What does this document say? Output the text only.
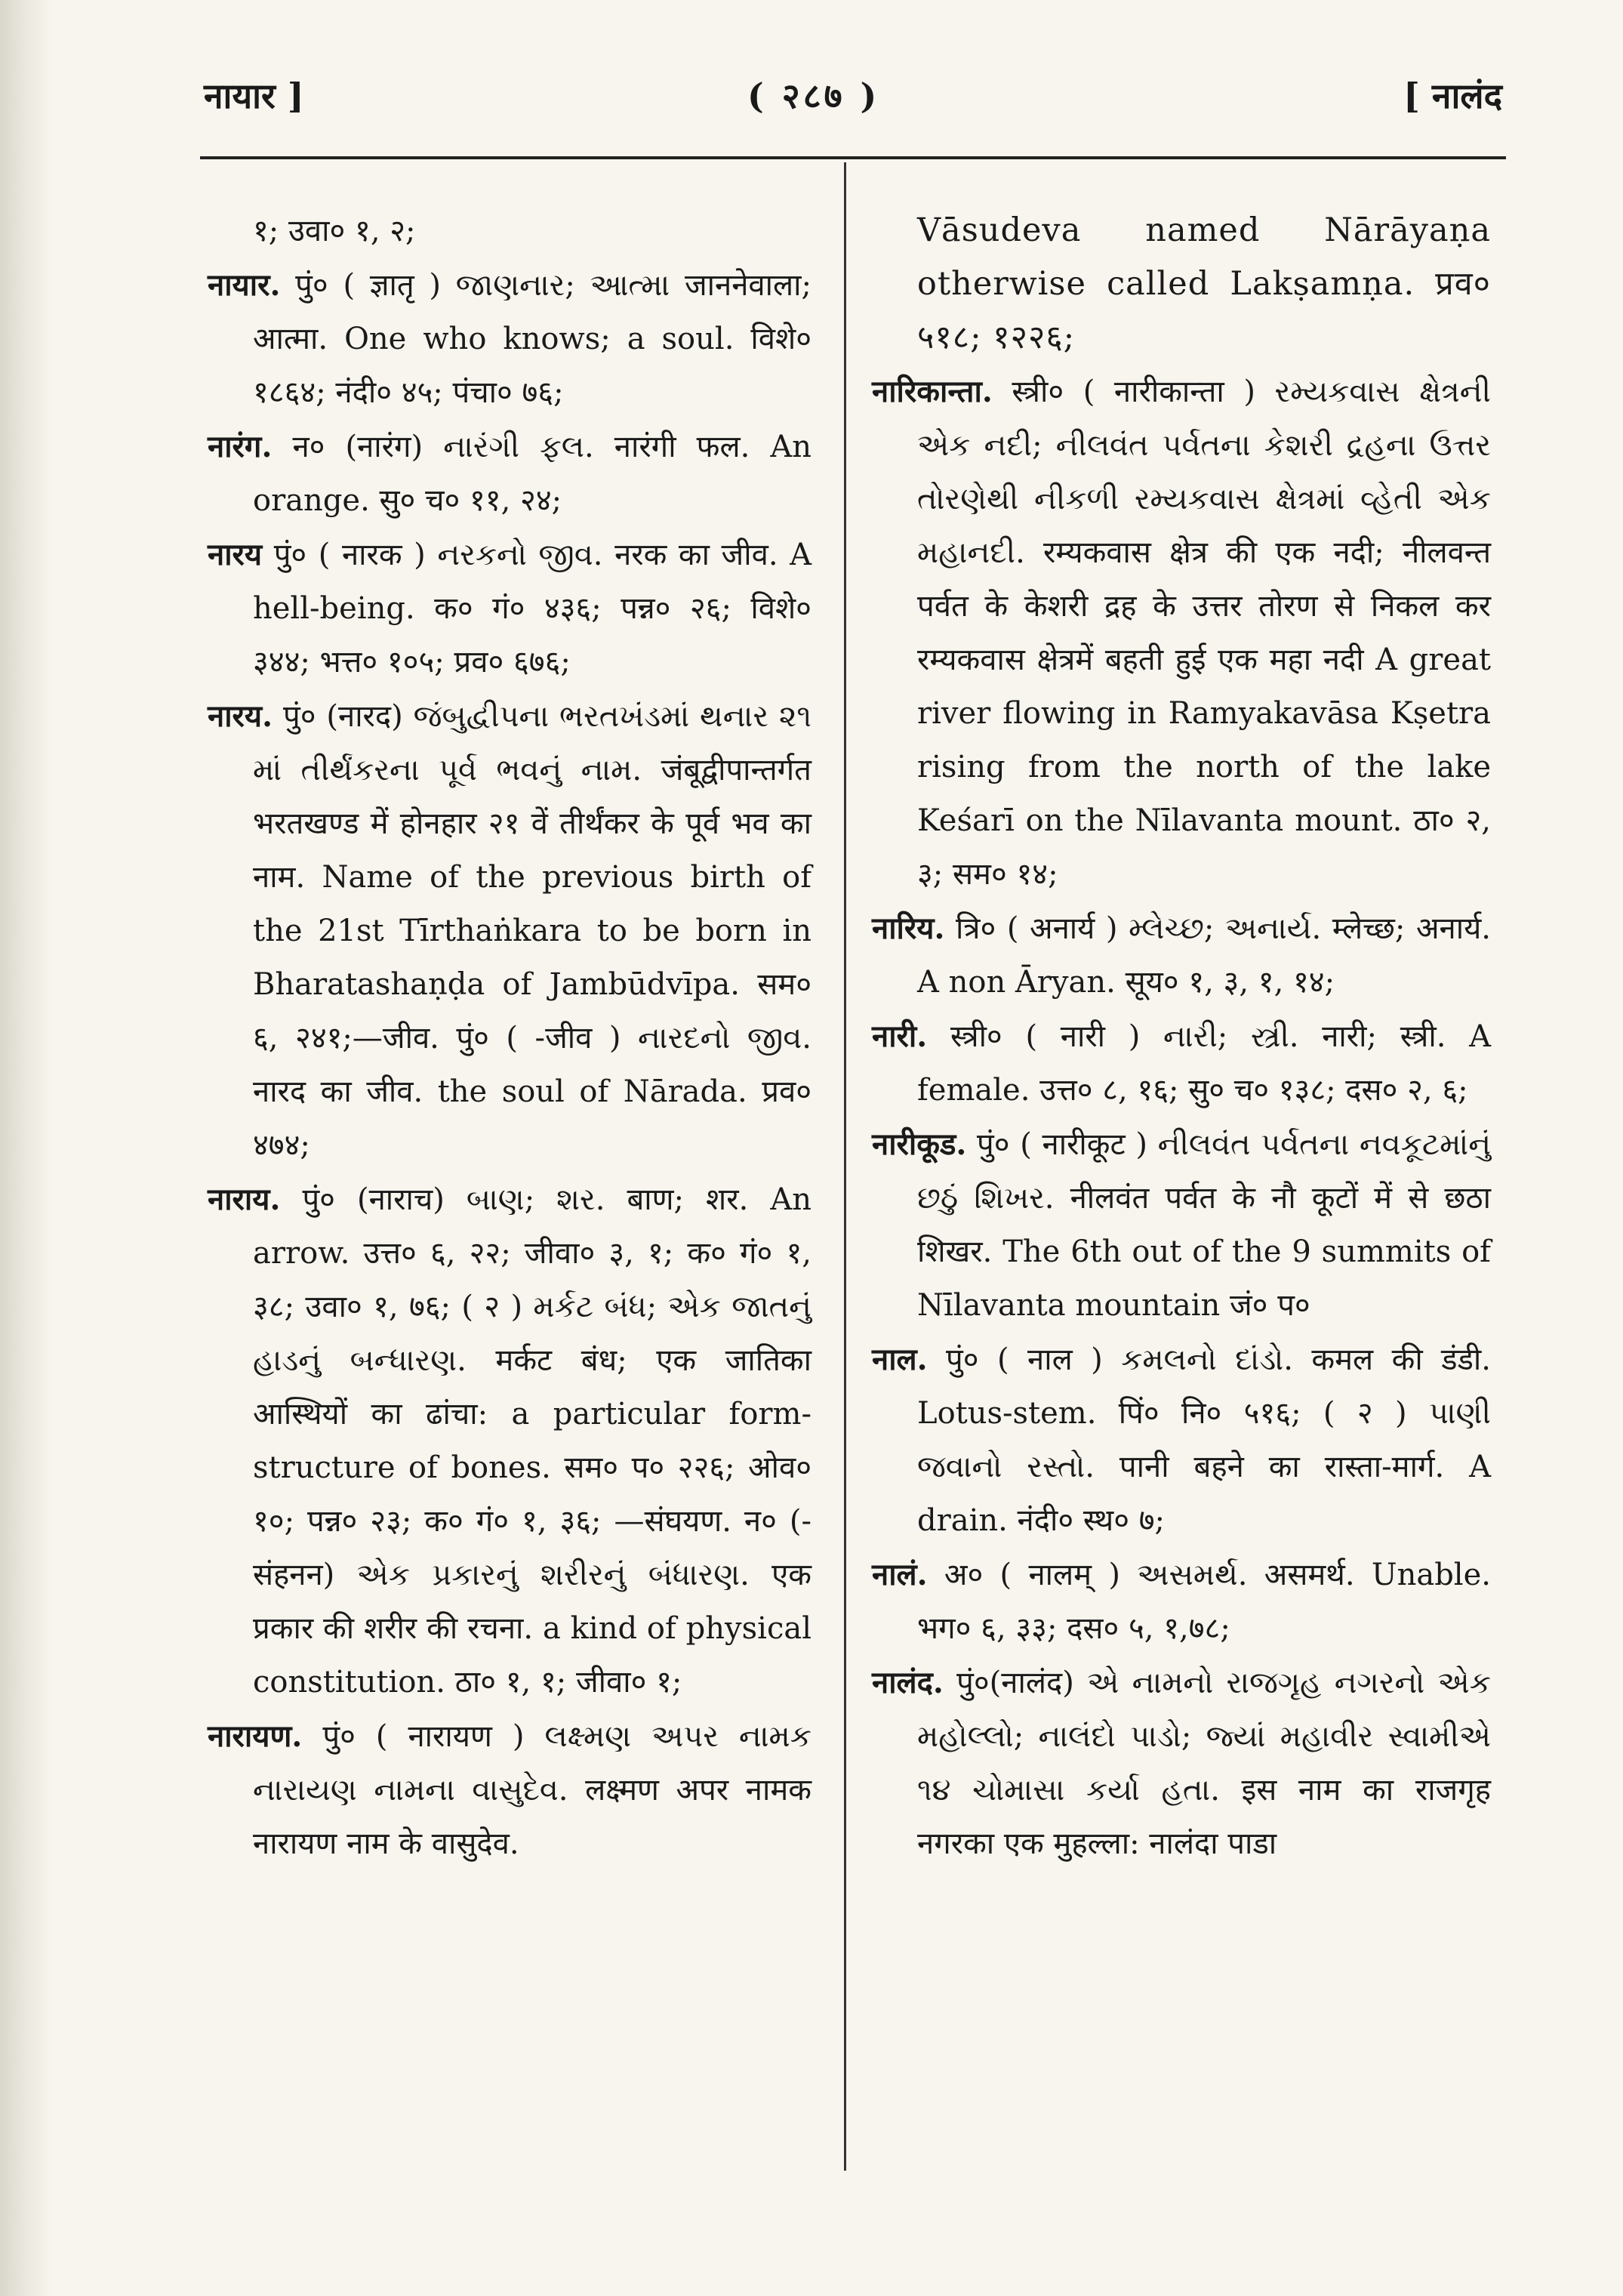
नायार ]	( २८७ )	[ नालंद

१; उवा० १, २;

नायार. पुं० ( ज्ञातृ ) જાણનાર; આત્મા जाननेवाला; आत्मा. One who knows; a soul. विशे० १८६४; नंदी० ४५; पंचा० ७६;

नारंग. न० (नारंग) નારંગી ફલ. नारंगी फल. An orange. सु० च० ११, २४;

नारय पुं० ( नारक ) નરકનો જીવ. नरक का जीव. A hell-being. क० गं० ४३६; पन्न० २६; विशे० ३४४; भत्त० १०५; प्रव० ६७६;

नारय. पुं० (नारद) જંબુદ્વીપના ભરતખંડમાં થનાર ૨૧ માં તીર્થંકરના પૂર્વ ભવનું નામ. जंबूद्वीपान्तर्गत भरतखण्ड में होनहार २१ वें तीर्थंकर के पूर्व भव का नाम. Name of the previous birth of the 21st Tīrthaṅkara to be born in Bharatashaṇḍa of Jambūdvīpa. सम० ६, २४१;—जीव. पुं० ( -जीव ) નારદનો જીવ. नारद का जीव. the soul of Nārada. प्रव० ४७४;

नाराय. पुं० (नाराच) બાણ; શર. बाण; शर. An arrow. उत्त० ६, २२; जीवा० ३, १; क० गं० १, ३८; उवा० १, ७६; ( २ ) મર્કટ બંધ; એક જાતનું હાડનું બન્ધારણ. मर्कट बंध; एक जातिका आस्थियों का ढांचा: a particular form-structure of bones. सम० प० २२६; ओव० १०; पन्न० २३; क० गं० १, ३६; —संघयण. न० (-संहनन) એક પ્રકારનું શરીરનું બંધારણ. एक प्रकार की शरीर की रचना. a kind of physical constitution. ठा० १, १; जीवा० १;

नारायण. पुं० ( नारायण ) લક્ષ્મણ અપર નામક નારાયણ નામના વાસુદેવ. लक्ष्मण अपर नामक नारायण नाम के वासुदेव.

Vāsudeva named Nārāyaṇa otherwise called Lakṣamṇa. प्रव० ५१८; १२२६;

नारिकान्ता. स्त्री० ( नारीकान्ता ) રમ્યકવાસ ક્ષેત્રની એક નદી; નીલવંત પર્વતના કેશરી દ્રહના ઉત્તર તોરણેથી નીકળી રમ્યકવાસ ક્ષેત્રમાં વ્હેતી એક મહાનદી. रम्यकवास क्षेत्र की एक नदी; नीलवन्त पर्वत के केशरी द्रह के उत्तर तोरण से निकल कर रम्यकवास क्षेत्रमें बहती हुई एक महा नदी A great river flowing in Ramyakavāsa Kṣetra rising from the north of the lake Keśarī on the Nīlavanta mount. ठा० २, ३; सम० १४;

नारिय. त्रि० ( अनार्य ) મ્લેચ્છ; અનાર્ય. म्लेच्छ; अनार्य. A non Āryan. सूय० १, ३, १, १४;

नारी. स्त्री० ( नारी ) નારી; સ્ત્રી. नारी; स्त्री. A female. उत्त० ८, १६; सु० च० १३८; दस० २, ६;

नारीकूड. पुं० ( नारीकूट ) નીલવંત પર્વતના નવકૂટમાંનું છઠું શિખર. नीलवंत पर्वत के नौ कूटों में से छठा शिखर. The 6th out of the 9 summits of Nīlavanta mountain जं० प०

नाल. पुं० ( नाल ) કમલનો દાંડો. कमल की डंडी. Lotus-stem. पिं० नि० ५१६; ( २ ) પાણી જવાનો રસ્તો. पानी बहने का रास्ता-मार्ग. A drain. नंदी० स्थ० ७;

नालं. अ० ( नालम् ) અસમર્થ. असमर्थ. Unable. भग० ६, ३३; दस० ५, १,७८;

नालंद. पुं०(नालंद) એ નામનો રાજગૃહ નગરનો એક મહોલ્લો; નાલંદો પાડો; જ્યાં મહાવીર સ્વામીએ ૧૪ ચોમાસા કર્યા હતા. इस नाम का राजगृह नगरका एक मुहल्ला: नालंदा पाडा
